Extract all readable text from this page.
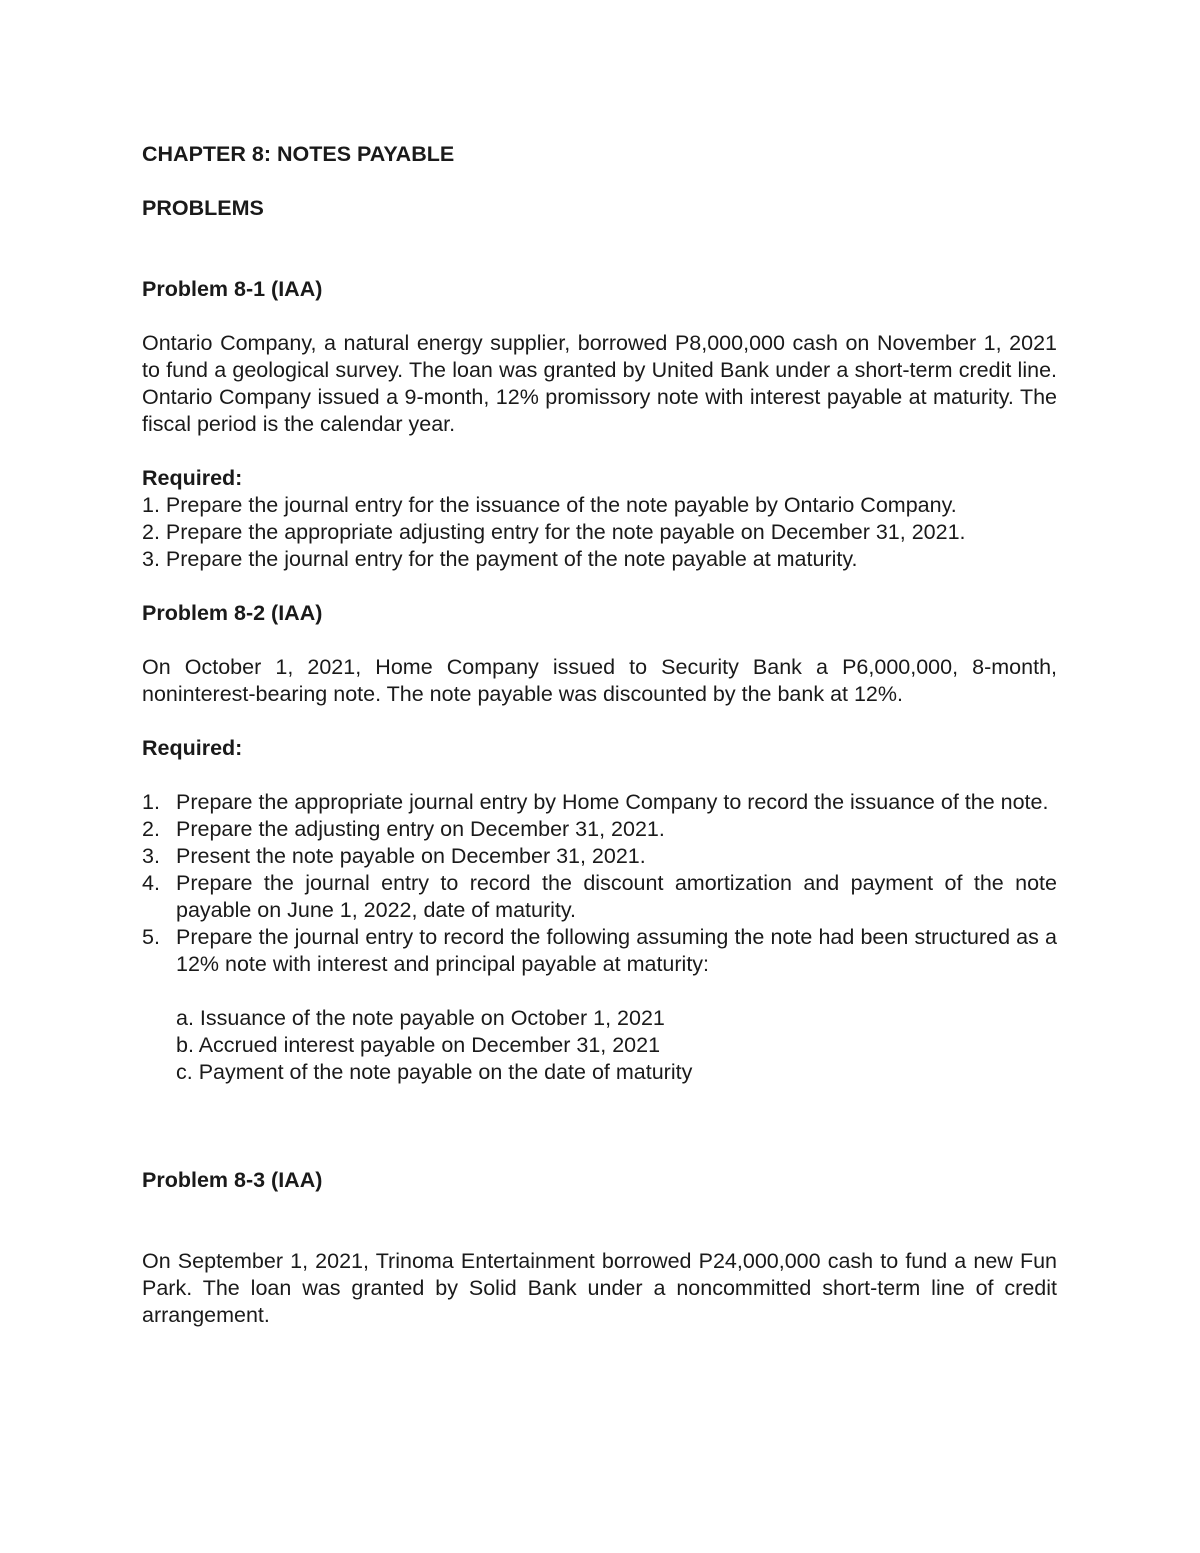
CHAPTER 8: NOTES PAYABLE

PROBLEMS

Problem 8-1 (IAA)

Ontario Company, a natural energy supplier, borrowed P8,000,000 cash on November 1, 2021 to fund a geological survey. The loan was granted by United Bank under a short-term credit line. Ontario Company issued a 9-month, 12% promissory note with interest payable at maturity. The fiscal period is the calendar year.

Required:

1. Prepare the journal entry for the issuance of the note payable by Ontario Company.
2. Prepare the appropriate adjusting entry for the note payable on December 31, 2021.
3. Prepare the journal entry for the payment of the note payable at maturity.

Problem 8-2 (IAA)

On October 1, 2021, Home Company issued to Security Bank a P6,000,000, 8-month, noninterest-bearing note. The note payable was discounted by the bank at 12%.

Required:

1. Prepare the appropriate journal entry by Home Company to record the issuance of the note.
2. Prepare the adjusting entry on December 31, 2021.
3. Present the note payable on December 31, 2021.
4. Prepare the journal entry to record the discount amortization and payment of the note payable on June 1, 2022, date of maturity.
5. Prepare the journal entry to record the following assuming the note had been structured as a 12% note with interest and principal payable at maturity:
a. Issuance of the note payable on October 1, 2021
b. Accrued interest payable on December 31, 2021
c. Payment of the note payable on the date of maturity

Problem 8-3 (IAA)

On September 1, 2021, Trinoma Entertainment borrowed P24,000,000 cash to fund a new Fun Park. The loan was granted by Solid Bank under a noncommitted short-term line of credit arrangement.
